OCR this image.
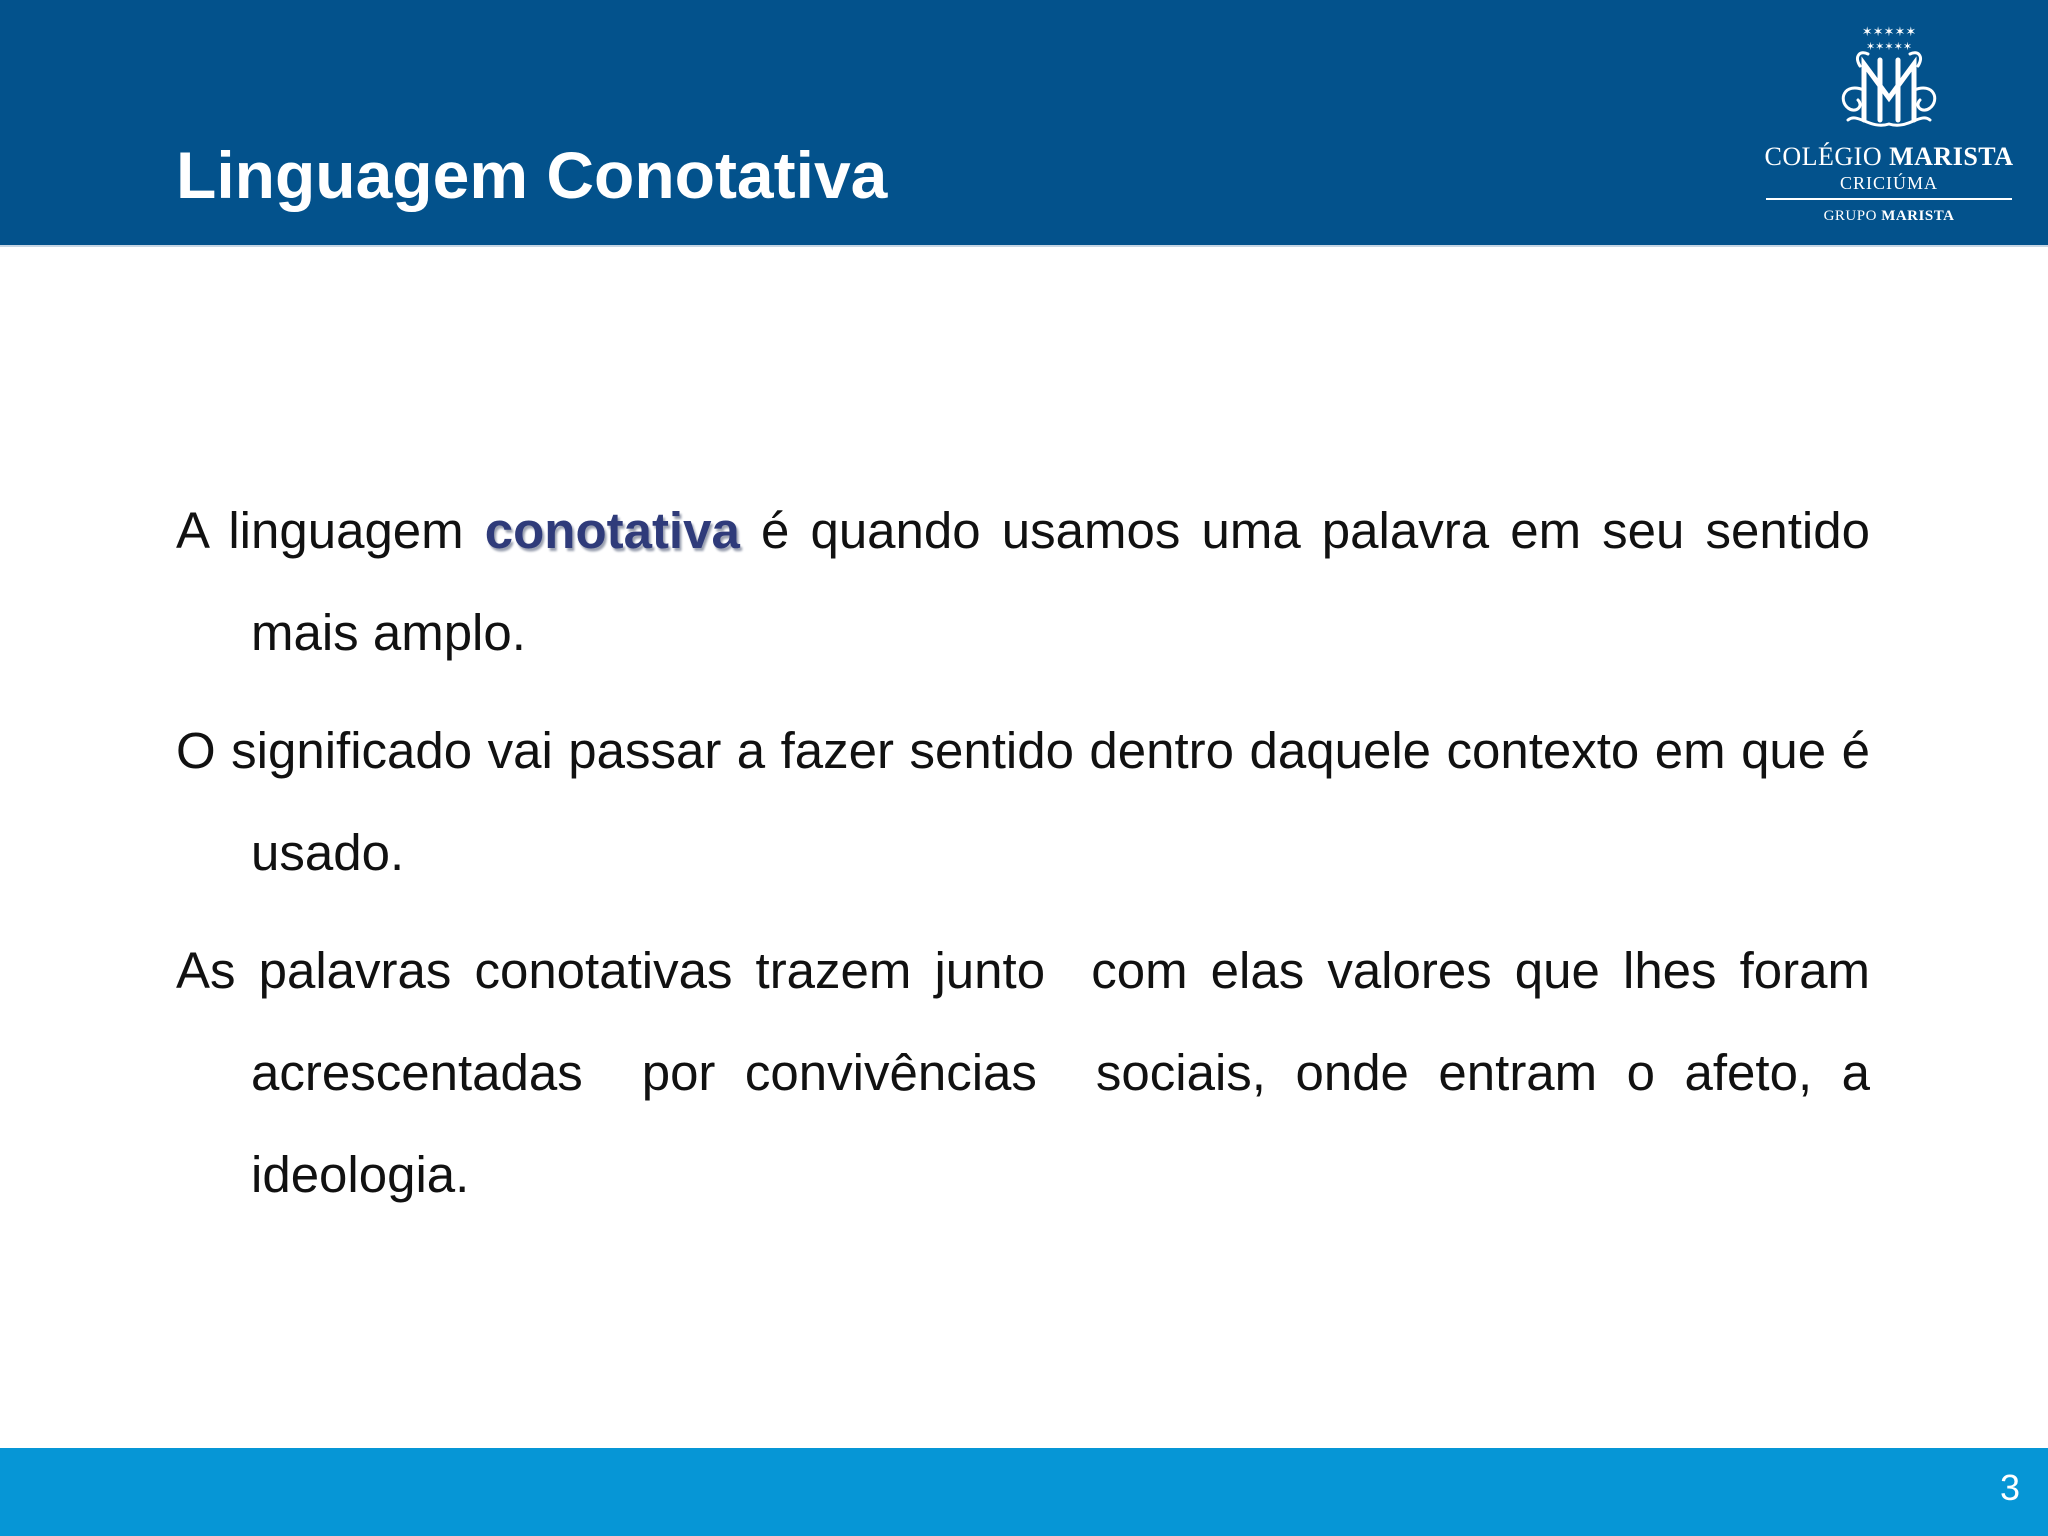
Linguagem Conotativa
✶✶✶✶✶
✶✶✶✶✶
COLÉGIO MARISTA
CRICIÚMA
GRUPO MARISTA

A linguagem conotativa é quando usamos uma palavra em seu sentido mais amplo.

O significado vai passar a fazer sentido dentro daquele contexto em que é usado.

As palavras conotativas trazem junto  com elas valores que lhes foram acrescentadas  por convivências  sociais, onde entram o afeto, a ideologia.

3
